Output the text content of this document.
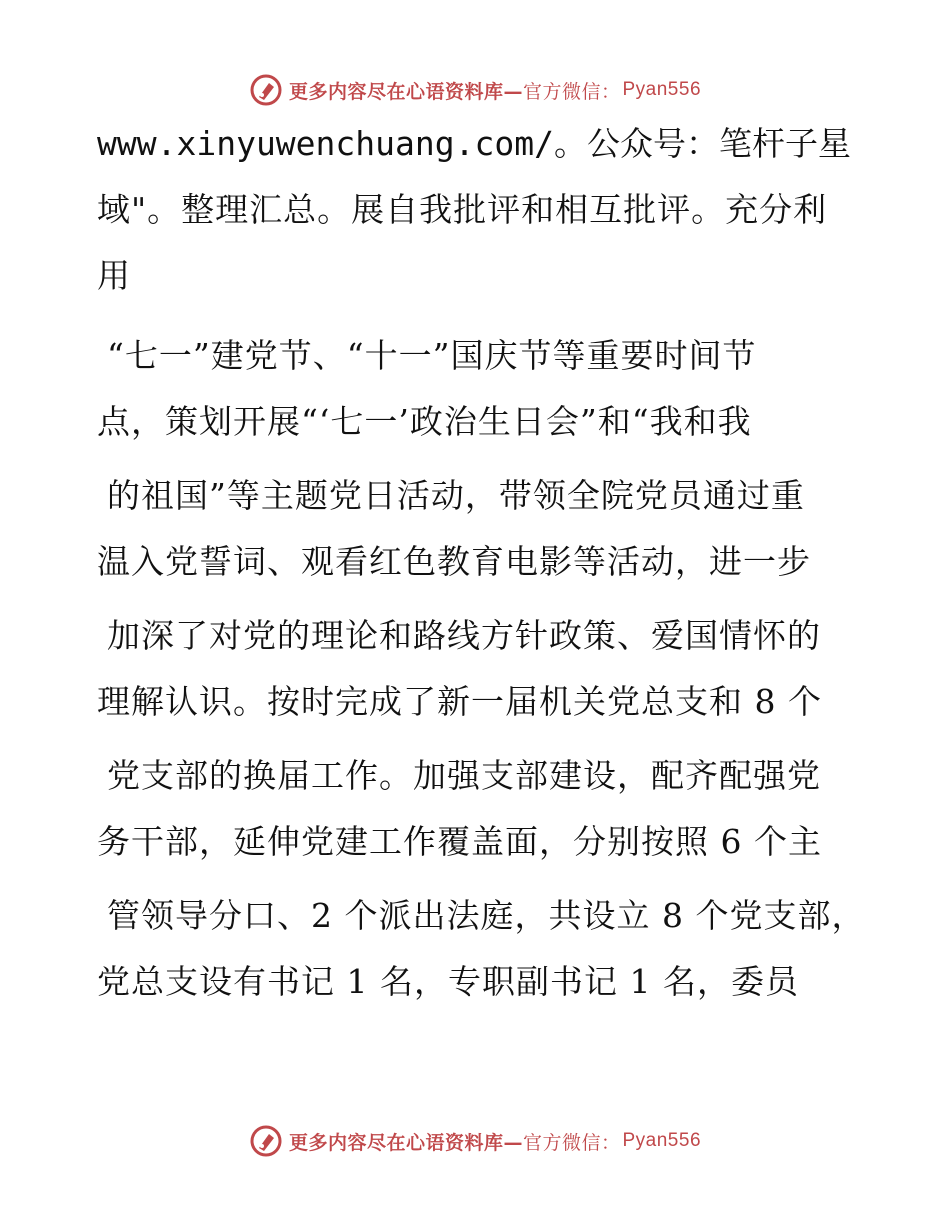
更多内容尽在心语资料库— 官方微信： Pyan556
www.xinyuwenchuang.com/。公众号：笔杆子星
域"。整理汇总。展自我批评和相互批评。充分利
用
“七一”建党节、“十一”国庆节等重要时间节
点，策划开展“‘七一’政治生日会”和“我和我
的祖国”等主题党日活动，带领全院党员通过重
温入党誓词、观看红色教育电影等活动，进一步
加深了对党的理论和路线方针政策、爱国情怀的
理解认识。按时完成了新一届机关党总支和 8 个
党支部的换届工作。加强支部建设，配齐配强党
务干部，延伸党建工作覆盖面，分别按照 6 个主
管领导分口、2 个派出法庭，共设立 8 个党支部，
党总支设有书记 1 名，专职副书记 1 名，委员
更多内容尽在心语资料库— 官方微信： Pyan556
